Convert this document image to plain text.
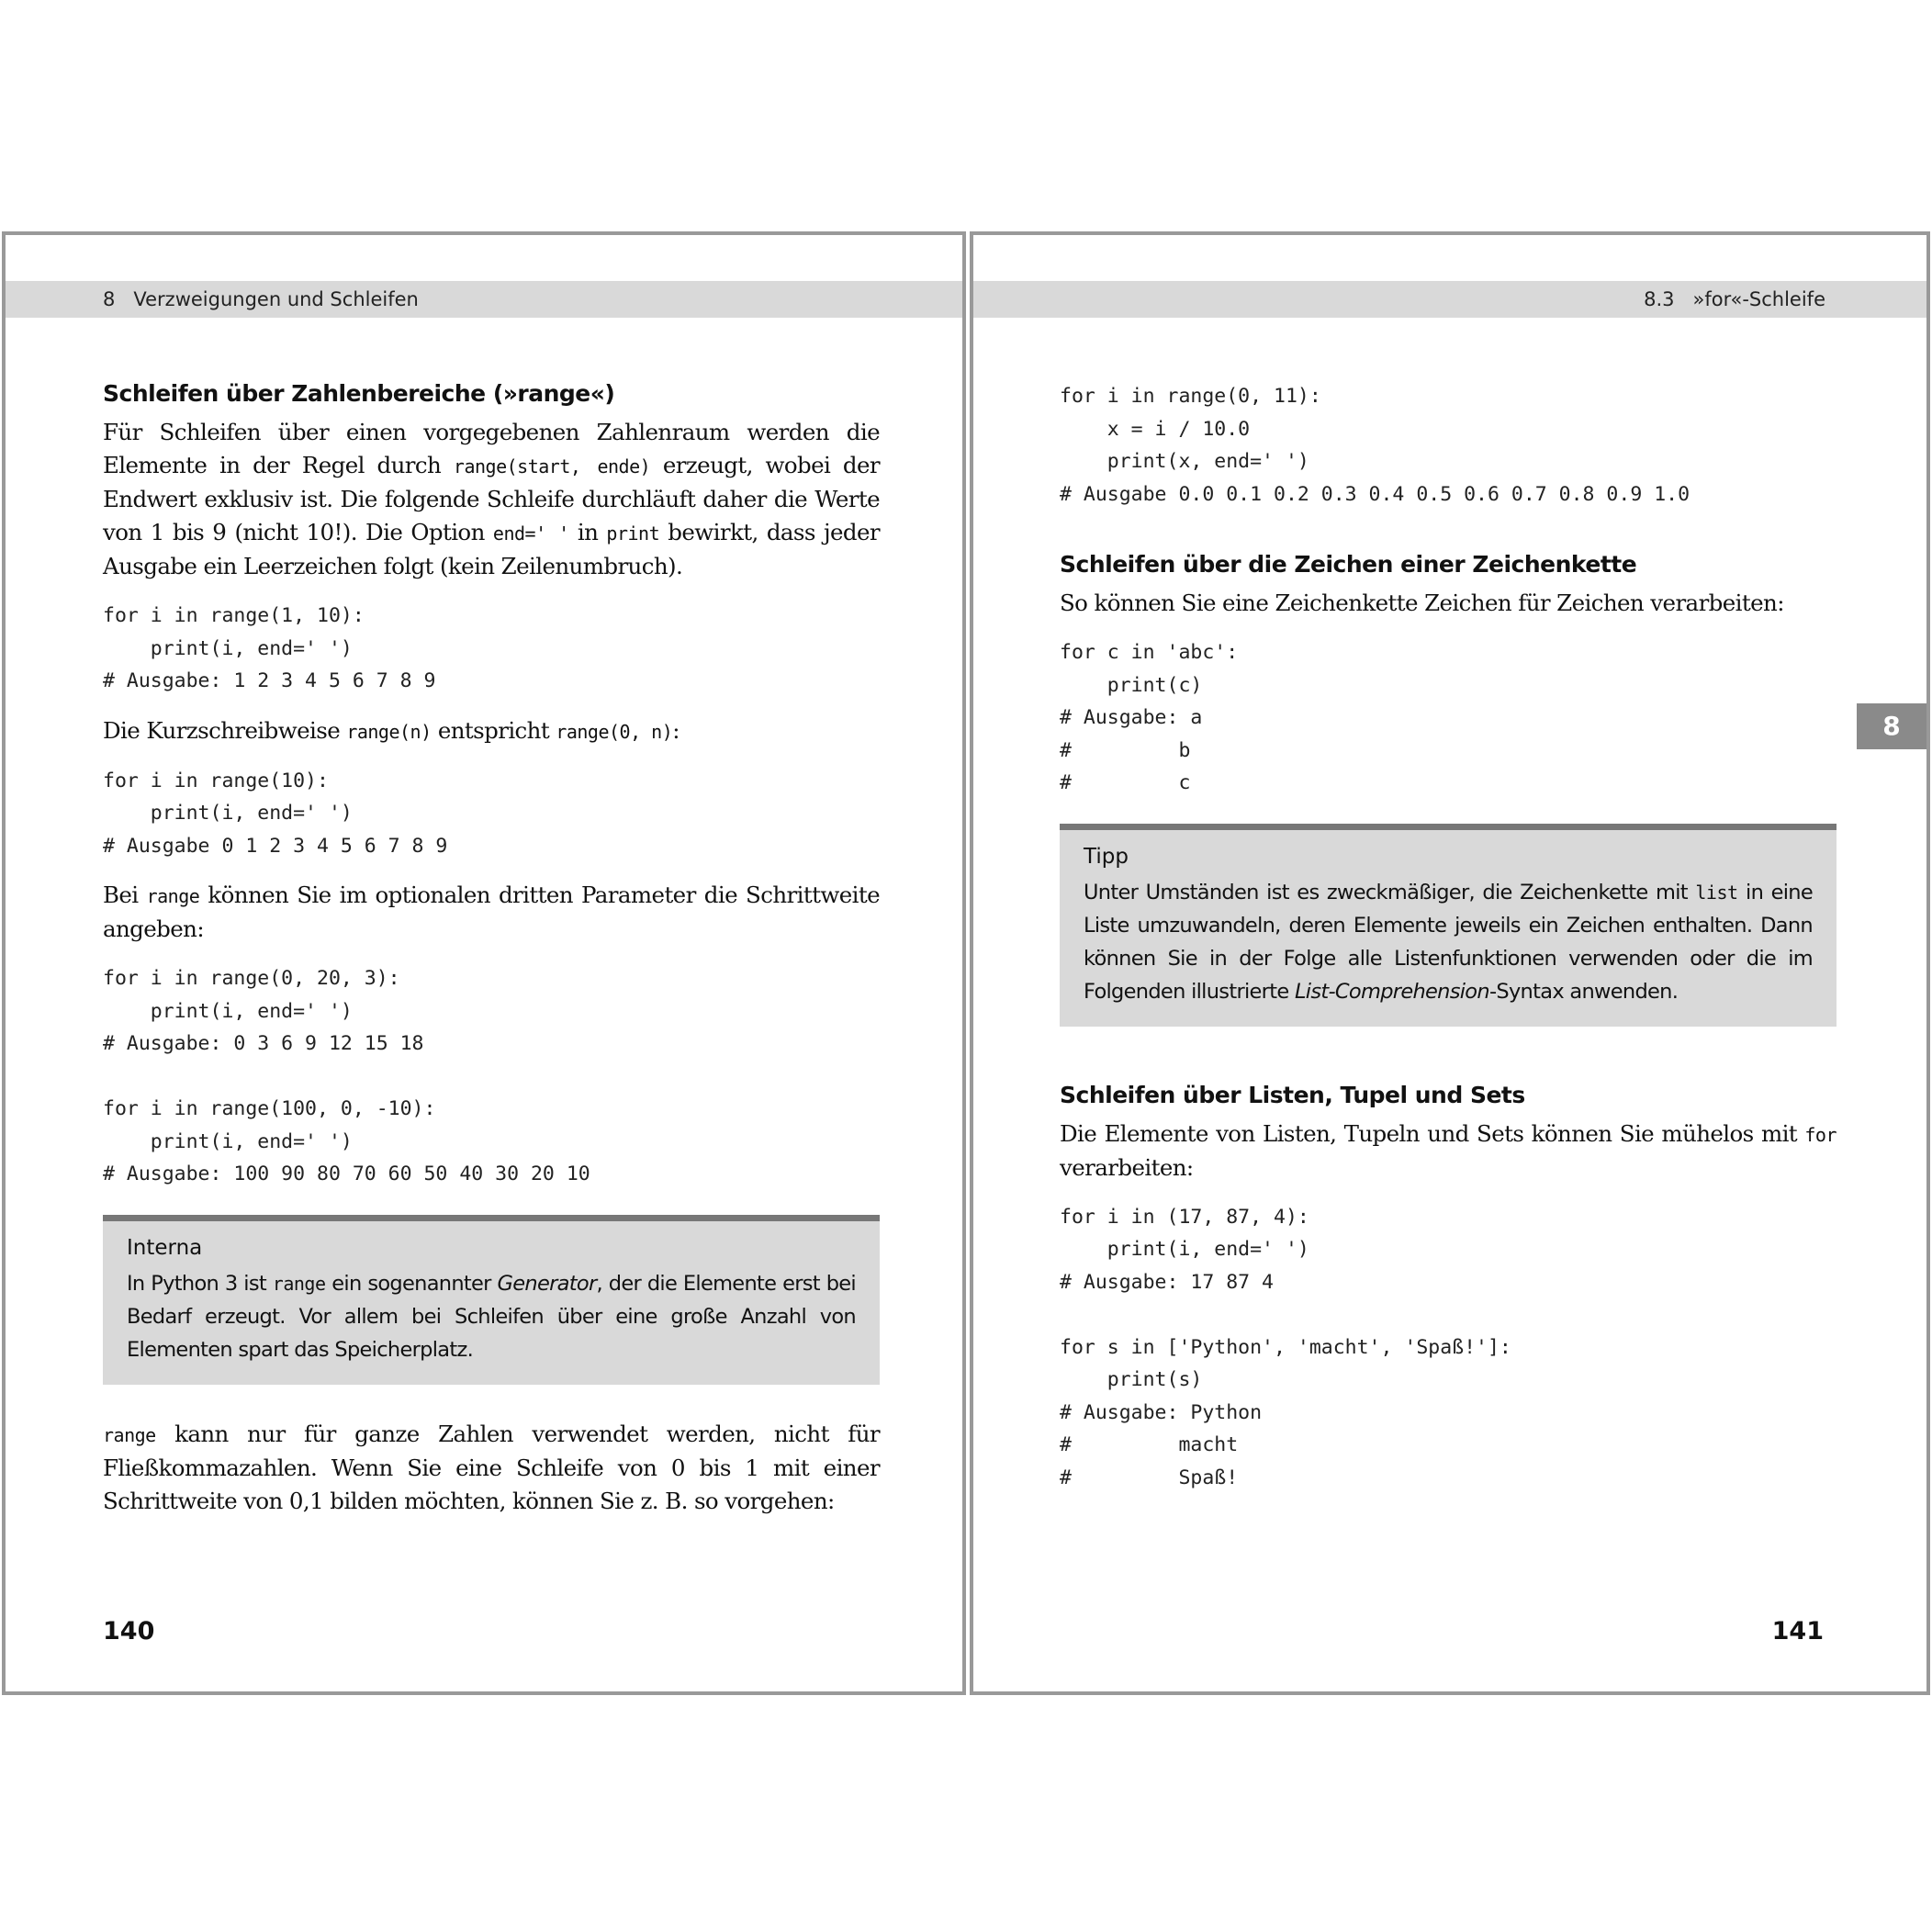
8   Verzweigungen und Schleifen
Schleifen über Zahlenbereiche (»range«)

Für Schleifen über einen vorgegebenen Zahlenraum werden die Elemente in der Regel durch range(start, ende) erzeugt, wobei der Endwert exklusiv ist. Die folgende Schleife durchläuft daher die Werte von 1 bis 9 (nicht 10!). Die Option end=' ' in print bewirkt, dass jeder Ausgabe ein Leerzeichen folgt (kein Zeilenumbruch).

for i in range(1, 10):
print(i, end=' ')
# Ausgabe: 1 2 3 4 5 6 7 8 9

Die Kurzschreibweise range(n) entspricht range(0, n):

for i in range(10):
print(i, end=' ')
# Ausgabe 0 1 2 3 4 5 6 7 8 9

Bei range können Sie im optionalen dritten Parameter die Schrittweite angeben:

for i in range(0, 20, 3):
print(i, end=' ')
# Ausgabe: 0 3 6 9 12 15 18

for i in range(100, 0, -10):
print(i, end=' ')
# Ausgabe: 100 90 80 70 60 50 40 30 20 10
Interna

In Python 3 ist range ein sogenannter Generator, der die Elemente erst bei Bedarf erzeugt. Vor allem bei Schleifen über eine große Anzahl von Elementen spart das Speicherplatz.

range kann nur für ganze Zahlen verwendet werden, nicht für Fließkommazahlen. Wenn Sie eine Schleife von 0 bis 1 mit einer Schrittweite von 0,1 bilden möchten, können Sie z. B. so vorgehen:

140
8.3   »for«-Schleife
8
for i in range(0, 11):
x = i / 10.0
print(x, end=' ')
# Ausgabe 0.0 0.1 0.2 0.3 0.4 0.5 0.6 0.7 0.8 0.9 1.0
Schleifen über die Zeichen einer Zeichenkette

So können Sie eine Zeichenkette Zeichen für Zeichen verarbeiten:

for c in 'abc':
print(c)
# Ausgabe: a
#         b
#         c
Tipp

Unter Umständen ist es zweckmäßiger, die Zeichenkette mit list in eine Liste umzuwandeln, deren Elemente jeweils ein Zeichen enthalten. Dann können Sie in der Folge alle Listenfunktionen verwenden oder die im Folgenden illustrierte List-Comprehension-Syntax anwenden.

Schleifen über Listen, Tupel und Sets

Die Elemente von Listen, Tupeln und Sets können Sie mühelos mit for verarbeiten:

for i in (17, 87, 4):
print(i, end=' ')
# Ausgabe: 17 87 4

for s in ['Python', 'macht', 'Spaß!']:
print(s)
# Ausgabe: Python
#         macht
#         Spaß!
141
